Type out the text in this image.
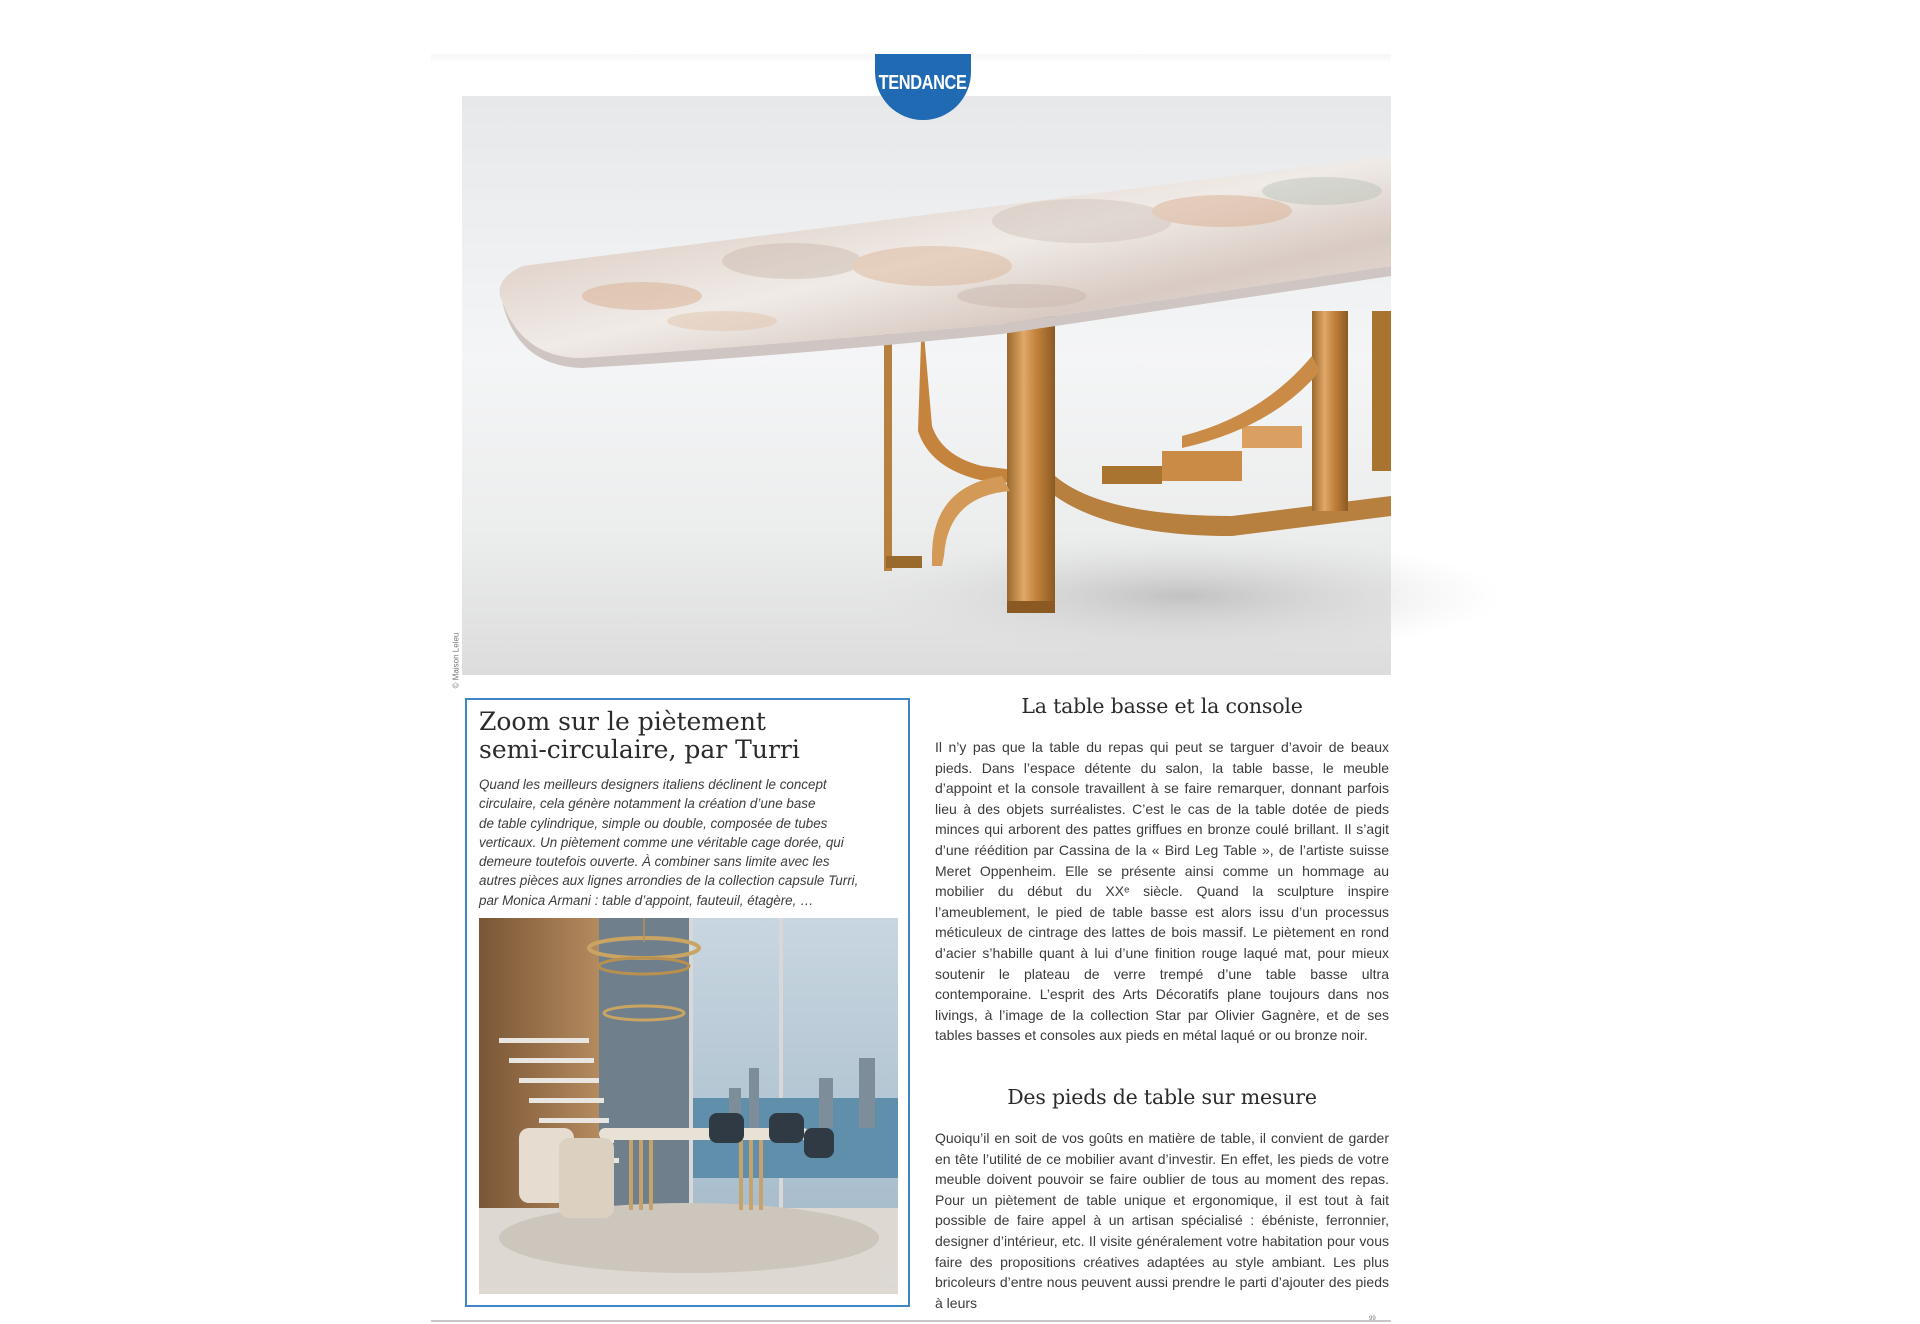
© Maison Leleu
TENDANCE
Zoom sur le piètement
semi-circulaire, par Turri
Quand les meilleurs designers italiens déclinent le concept
circulaire, cela génère notamment la création d’une base
de table cylindrique, simple ou double, composée de tubes
verticaux. Un piètement comme une véritable cage dorée, qui
demeure toutefois ouverte. À combiner sans limite avec les
autres pièces aux lignes arrondies de la collection capsule Turri,
par Monica Armani : table d’appoint, fauteuil, étagère, …
© Turri
La table basse et la console

Il n’y pas que la table du repas qui peut se targuer d’avoir de beaux pieds. Dans l’espace détente du salon, la table basse, le meuble d’appoint et la console travaillent à se faire remarquer, donnant parfois lieu à des objets surréalistes. C’est le cas de la table dotée de pieds minces qui arborent des pattes griffues en bronze coulé brillant. Il s’agit d’une réédition par Cassina de la « Bird Leg Table », de l’artiste suisse Meret Oppenheim. Elle se présente ainsi comme un hommage au mobilier du début du XXᵉ siècle. Quand la sculpture inspire l’ameublement, le pied de table basse est alors issu d’un processus méticuleux de cintrage des lattes de bois massif. Le piètement en rond d’acier s’habille quant à lui d’une finition rouge laqué mat, pour mieux soutenir le plateau de verre trempé d’une table basse ultra contemporaine. L’esprit des Arts Décoratifs plane toujours dans nos livings, à l’image de la collection Star par Olivier Gagnère, et de ses tables basses et consoles aux pieds en métal laqué or ou bronze noir.

Des pieds de table sur mesure

Quoiqu’il en soit de vos goûts en matière de table, il convient de garder en tête l’utilité de ce mobilier avant d’investir. En effet, les pieds de votre meuble doivent pouvoir se faire oublier de tous au moment des repas. Pour un piètement de table unique et ergonomique, il est tout à fait possible de faire appel à un artisan spécialisé : ébéniste, ferronnier, designer d’intérieur, etc. Il visite généralement votre habitation pour vous faire des propositions créatives adaptées au style ambiant. Les plus bricoleurs d’entre nous peuvent aussi prendre le parti d’ajouter des pieds à leurs

99
